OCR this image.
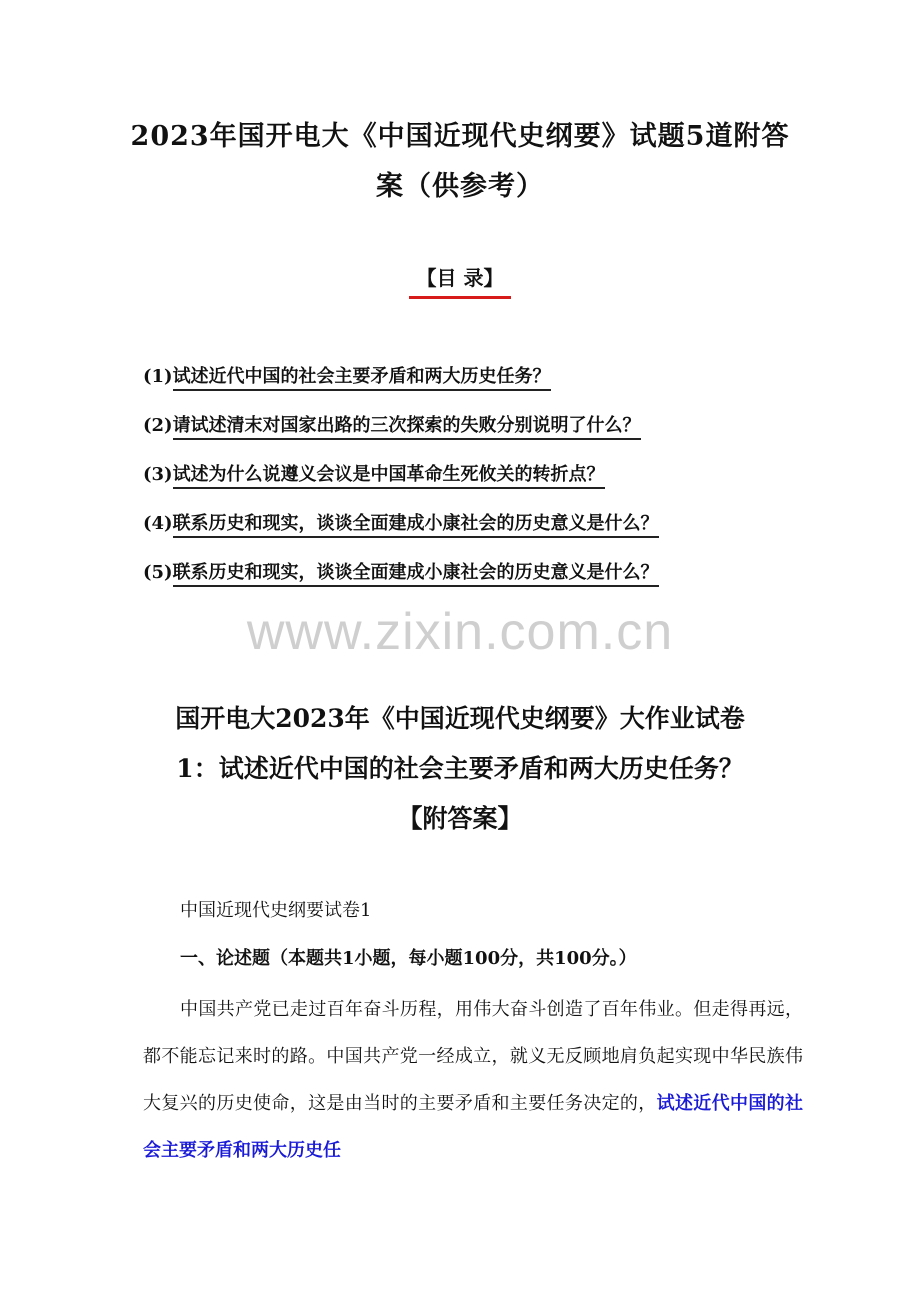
2023年国开电大《中国近现代史纲要》试题5道附答
案（供参考）
【目 录】
(1)试述近代中国的社会主要矛盾和两大历史任务？
(2)请试述清末对国家出路的三次探索的失败分别说明了什么？
(3)试述为什么说遵义会议是中国革命生死攸关的转折点？
(4)联系历史和现实，谈谈全面建成小康社会的历史意义是什么？
(5)联系历史和现实，谈谈全面建成小康社会的历史意义是什么？
www.zixin.com.cn
国开电大2023年《中国近现代史纲要》大作业试卷
1：试述近代中国的社会主要矛盾和两大历史任务？
【附答案】
中国近现代史纲要试卷1
一、论述题（本题共1小题，每小题100分，共100分。）
中国共产党已走过百年奋斗历程，用伟大奋斗创造了百年伟业。但走得再远，都不能忘记来时的路。中国共产党一经成立，就义无反顾地肩负起实现中华民族伟大复兴的历史使命，这是由当时的主要矛盾和主要任务决定的，试述近代中国的社会主要矛盾和两大历史任
